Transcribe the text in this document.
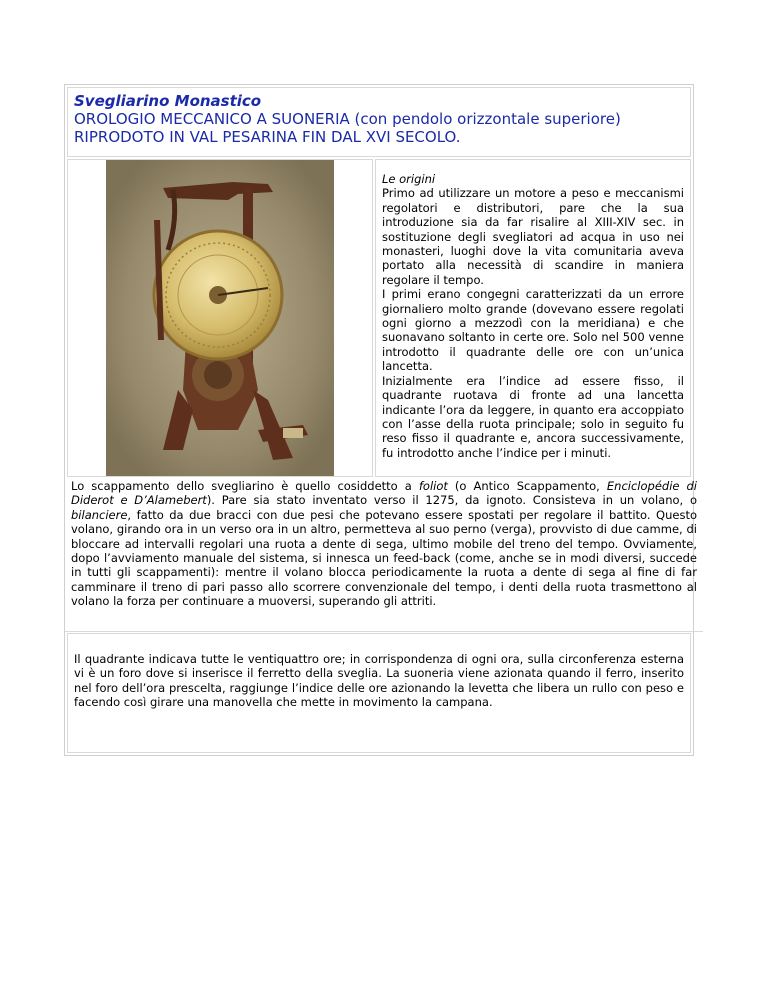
Svegliarino Monastico
OROLOGIO MECCANICO A SUONERIA (con pendolo orizzontale superiore)
RIPRODOTO IN VAL PESARINA FIN DAL XVI SECOLO.
Le origini
Primo ad utilizzare un motore a peso e meccanismi regolatori e distributori, pare che la sua introduzione sia da far risalire al XIII-XIV sec. in sostituzione degli svegliatori ad acqua in uso nei monasteri, luoghi dove la vita comunitaria aveva portato alla necessità di scandire in maniera regolare il tempo.
I primi erano congegni caratterizzati da un errore giornaliero molto grande (dovevano essere regolati ogni giorno a mezzodì con la meridiana) e che suonavano soltanto in certe ore. Solo nel 500 venne introdotto il quadrante delle ore con un’unica lancetta.
Inizialmente era l’indice ad essere fisso, il quadrante ruotava di fronte ad una lancetta indicante l’ora da leggere, in quanto era accoppiato con l’asse della ruota principale; solo in seguito fu reso fisso il quadrante e, ancora successivamente, fu introdotto anche l’indice per i minuti.
Lo scappamento dello svegliarino è quello cosiddetto a foliot (o Antico Scappamento, Enciclopédie di Diderot e D’Alamebert). Pare sia stato inventato verso il 1275, da ignoto. Consisteva in un volano, o bilanciere, fatto da due bracci con due pesi che potevano essere spostati per regolare il battito. Questo volano, girando ora in un verso ora in un altro, permetteva al suo perno (verga), provvisto di due camme, di bloccare ad intervalli regolari una ruota a dente di sega, ultimo mobile del treno del tempo. Ovviamente, dopo l’avviamento manuale del sistema, si innesca un feed-back (come, anche se in modi diversi, succede in tutti gli scappamenti): mentre il volano blocca periodicamente la ruota a dente di sega al fine di far camminare il treno di pari passo allo scorrere convenzionale del tempo, i denti della ruota trasmettono al volano la forza per continuare a muoversi, superando gli attriti.
Il quadrante indicava tutte le ventiquattro ore; in corrispondenza di ogni ora, sulla circonferenza esterna vi è un foro dove si inserisce il ferretto della sveglia. La suoneria viene azionata quando il ferro, inserito nel foro dell’ora prescelta, raggiunge l’indice delle ore azionando la levetta che libera un rullo con peso e facendo così girare una manovella che mette in movimento la campana.
